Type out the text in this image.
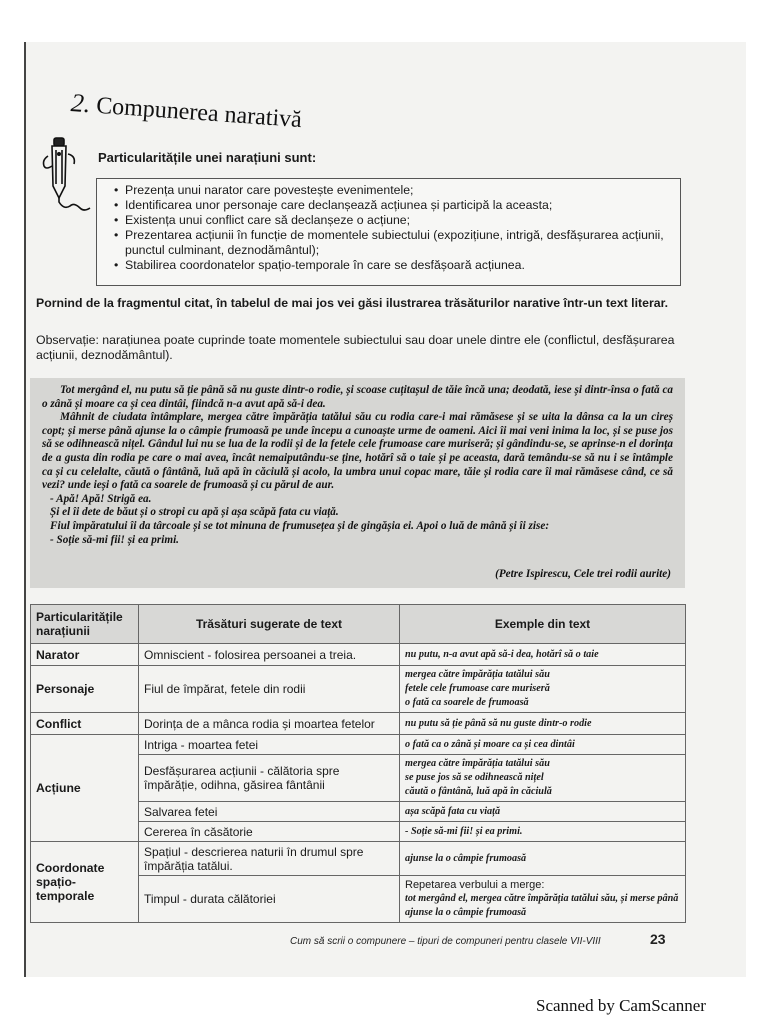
2. Compunerea narativă
Particularitățile unei narațiuni sunt:
• Prezența unui narator care povestește evenimentele;
• Identificarea unor personaje care declanșează acțiunea și participă la aceasta;
• Existența unui conflict care să declanșeze o acțiune;
• Prezentarea acțiunii în funcție de momentele subiectului (expozițiune, intrigă, desfășurarea acțiunii, punctul culminant, deznodământul);
• Stabilirea coordonatelor spațio-temporale în care se desfășoară acțiunea.
Pornind de la fragmentul citat, în tabelul de mai jos vei găsi ilustrarea trăsăturilor narative într-un text literar.
Observație: narațiunea poate cuprinde toate momentele subiectului sau doar unele dintre ele (conflictul, desfășurarea acțiunii, deznodământul).

Tot mergând el, nu putu să ție până să nu guste dintr-o rodie, și scoase cuțitașul de tăie încă una; deodată, iese și dintr-însa o fată ca o zână și moare ca și cea dintâi, fiindcă n-a avut apă să-i dea.

Mâhnit de ciudata întâmplare, mergea către împărăția tatălui său cu rodia care-i mai rămăsese și se uita la dânsa ca la un cireș copt; și merse până ajunse la o câmpie frumoasă pe unde începu a cunoaște urme de oameni. Aici îi mai veni inima la loc, și se puse jos să se odihnească nițel. Gândul lui nu se lua de la rodii și de la fetele cele frumoase care muriseră; și gândindu-se, se aprinse-n el dorința de a gusta din rodia pe care o mai avea, încât nemaiputându-se ține, hotărî să o taie și pe aceasta, dară temându-se să nu i se întâmple ca și cu celelalte, căută o fântână, luă apă în căciulă și acolo, la umbra unui copac mare, tăie și rodia care îi mai rămăsese când, ce să vezi? unde ieși o fată ca soarele de frumoasă și cu părul de aur.

- Apă! Apă! Strigă ea.

Și el îi dete de băut și o stropi cu apă și așa scăpă fata cu viață.

Fiul împăratului îi da târcoale și se tot minuna de frumusețea și de gingășia ei. Apoi o luă de mână și îi zise:

- Soție să-mi fii! și ea primi.

(Petre Ispirescu, Cele trei rodii aurite)
Particularitățile narațiunii	Trăsături sugerate de text	Exemple din text
Narator	Omniscient - folosirea persoanei a treia.	nu putu, n-a avut apă să-i dea, hotărî să o taie
Personaje	Fiul de împărat, fetele din rodii	mergea către împărăția tatălui său
fetele cele frumoase care muriseră
o fată ca soarele de frumoasă

Conflict	Dorința de a mânca rodia și moartea fetelor	nu putu să ție până să nu guste dintr-o rodie
Acțiune	Intriga - moartea fetei	o fată ca o zână și moare ca și cea dintâi
	Desfășurarea acțiunii - călătoria spre împărăție, odihna, găsirea fântânii	mergea către împărăția tatălui său
se puse jos să se odihnească nițel
căută o fântână, luă apă în căciulă

	Salvarea fetei	așa scăpă fata cu viață
	Cererea în căsătorie	- Soție să-mi fii! și ea primi.
Coordonate spațio-temporale	Spațiul - descrierea naturii în drumul spre împărăția tatălui.	ajunse la o câmpie frumoasă
	Timpul - durata călătoriei	Repetarea verbului a merge:
tot mergând el, mergea către împărăția tatălui său, și merse până ajunse la o câmpie frumoasă
Cum să scrii o compunere – tipuri de compuneri pentru clasele VII-VIII	23
Scanned by CamScanner
